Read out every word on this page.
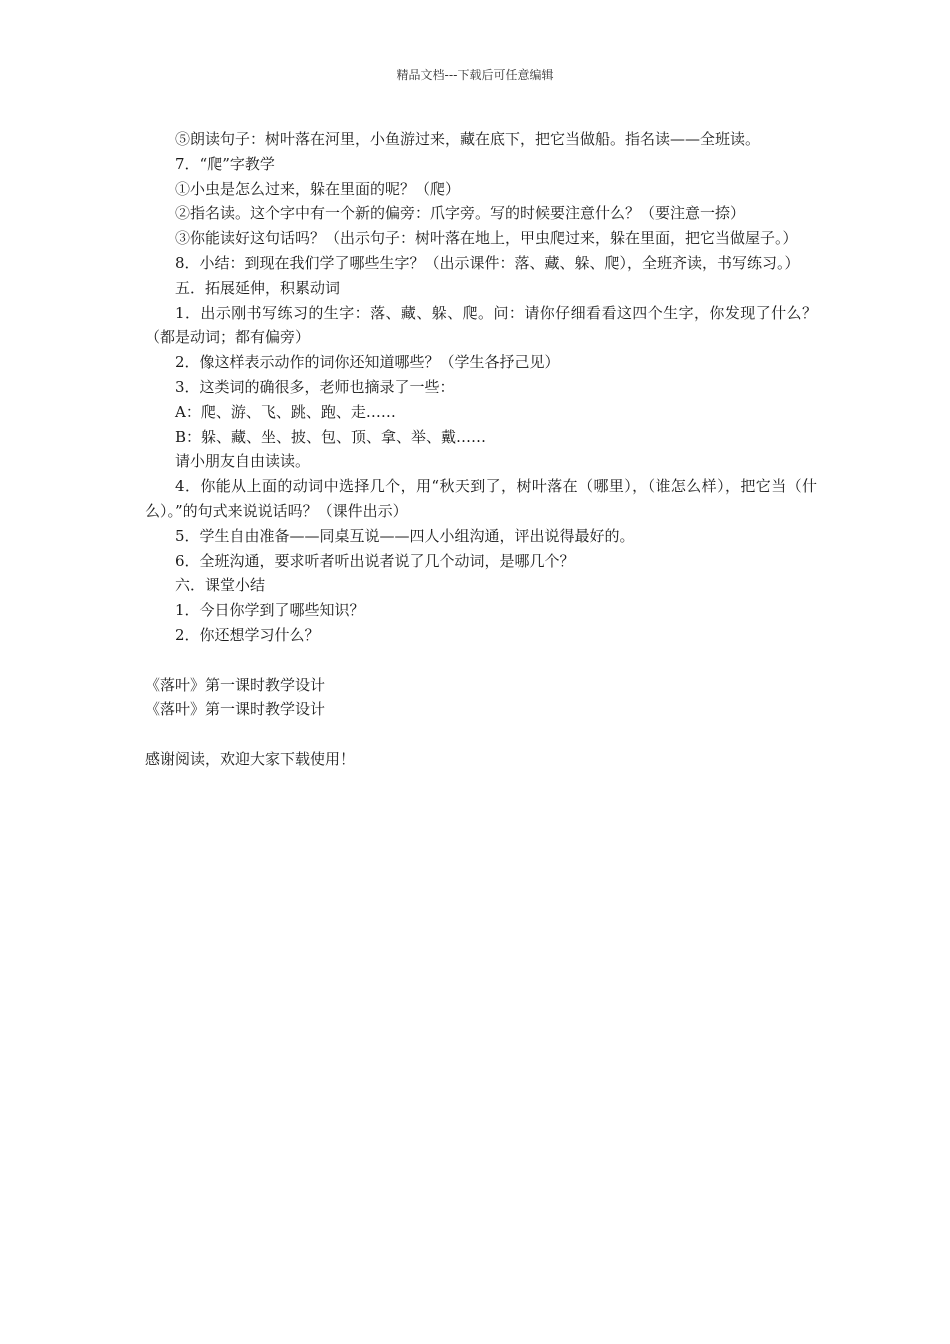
精品文档---下载后可任意编辑

⑤朗读句子：树叶落在河里，小鱼游过来，藏在底下，把它当做船。指名读——全班读。

7．“爬”字教学

①小虫是怎么过来，躲在里面的呢？（爬）

②指名读。这个字中有一个新的偏旁：爪字旁。写的时候要注意什么？（要注意一捺）

③你能读好这句话吗？（出示句子：树叶落在地上，甲虫爬过来，躲在里面，把它当做屋子。）

8．小结：到现在我们学了哪些生字？（出示课件：落、藏、躲、爬），全班齐读，书写练习。）

五．拓展延伸，积累动词

1．出示刚书写练习的生字：落、藏、躲、爬。问：请你仔细看看这四个生字，你发现了什么？（都是动词；都有偏旁）

2．像这样表示动作的词你还知道哪些？（学生各抒己见）

3．这类词的确很多，老师也摘录了一些：

A：爬、游、飞、跳、跑、走……

B：躲、藏、坐、披、包、顶、拿、举、戴……

请小朋友自由读读。

4．你能从上面的动词中选择几个，用“秋天到了，树叶落在（哪里），（谁怎么样），把它当（什么）。”的句式来说说话吗？（课件出示）

5．学生自由准备——同桌互说——四人小组沟通，评出说得最好的。

6．全班沟通，要求听者听出说者说了几个动词，是哪几个？

六．课堂小结

1．今日你学到了哪些知识？

2．你还想学习什么？

《落叶》第一课时教学设计

《落叶》第一课时教学设计

感谢阅读，欢迎大家下载使用！
